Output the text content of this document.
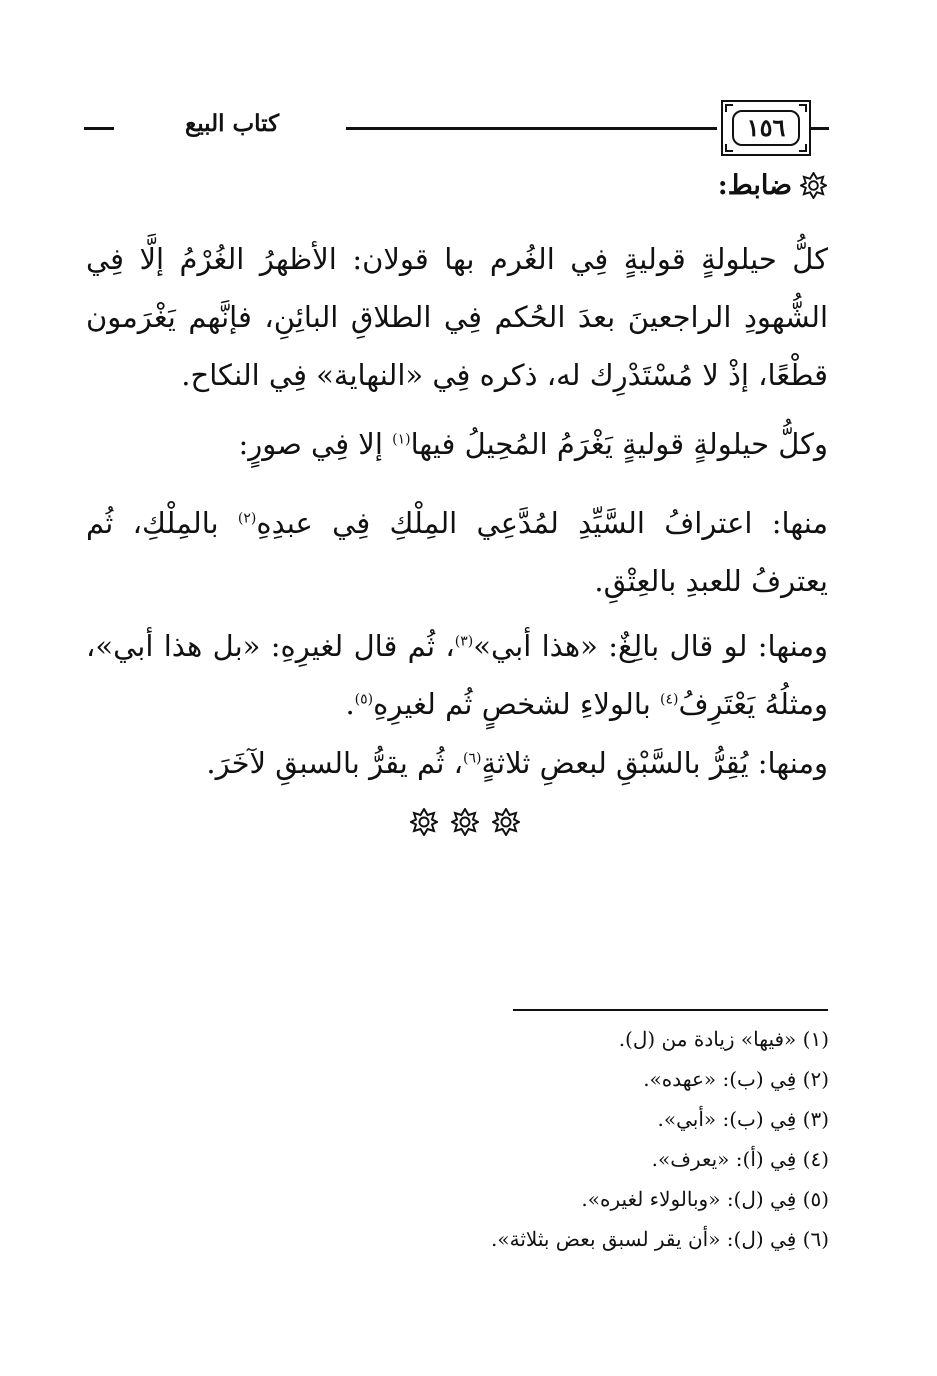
١٥٦
كتاب البيع
ضابط:

كلُّ حيلولةٍ قوليةٍ فِي الغُرم بها قولان: الأظهرُ الغُرْمُ إلَّا فِي الشُّهودِ الراجعينَ بعدَ الحُكم فِي الطلاقِ البائِنِ، فإنَّهم يَغْرَمون قطْعًا، إذْ لا مُسْتَدْرِك له، ذكره فِي «النهاية» فِي النكاح.

وكلُّ حيلولةٍ قوليةٍ يَغْرَمُ المُحِيلُ فيها$^{(١)}$ إلا فِي صورٍ:

منها: اعترافُ السَّيِّدِ لمُدَّعِي المِلْكِ فِي عبدِهِ$^{(٢)}$ بالمِلْكِ، ثُم يعترفُ للعبدِ بالعِتْقِ.

ومنها: لو قال بالِغٌ: «هذا أبي»$^{(٣)}$، ثُم قال لغيرِهِ: «بل هذا أبي»، ومثلُهُ يَعْتَرِفُ$^{(٤)}$ بالولاءِ لشخصٍ ثُم لغيرِهِ$^{(٥)}$.

ومنها: يُقِرُّ بالسَّبْقِ لبعضِ ثلاثةٍ$^{(٦)}$، ثُم يقرُّ بالسبقِ لآخَرَ.

(١) «فيها» زيادة من (ل).
(٢) فِي (ب): «عهده».
(٣) فِي (ب): «أبي».
(٤) فِي (أ): «يعرف».
(٥) فِي (ل): «وبالولاء لغيره».
(٦) فِي (ل): «أن يقر لسبق بعض بثلاثة».
